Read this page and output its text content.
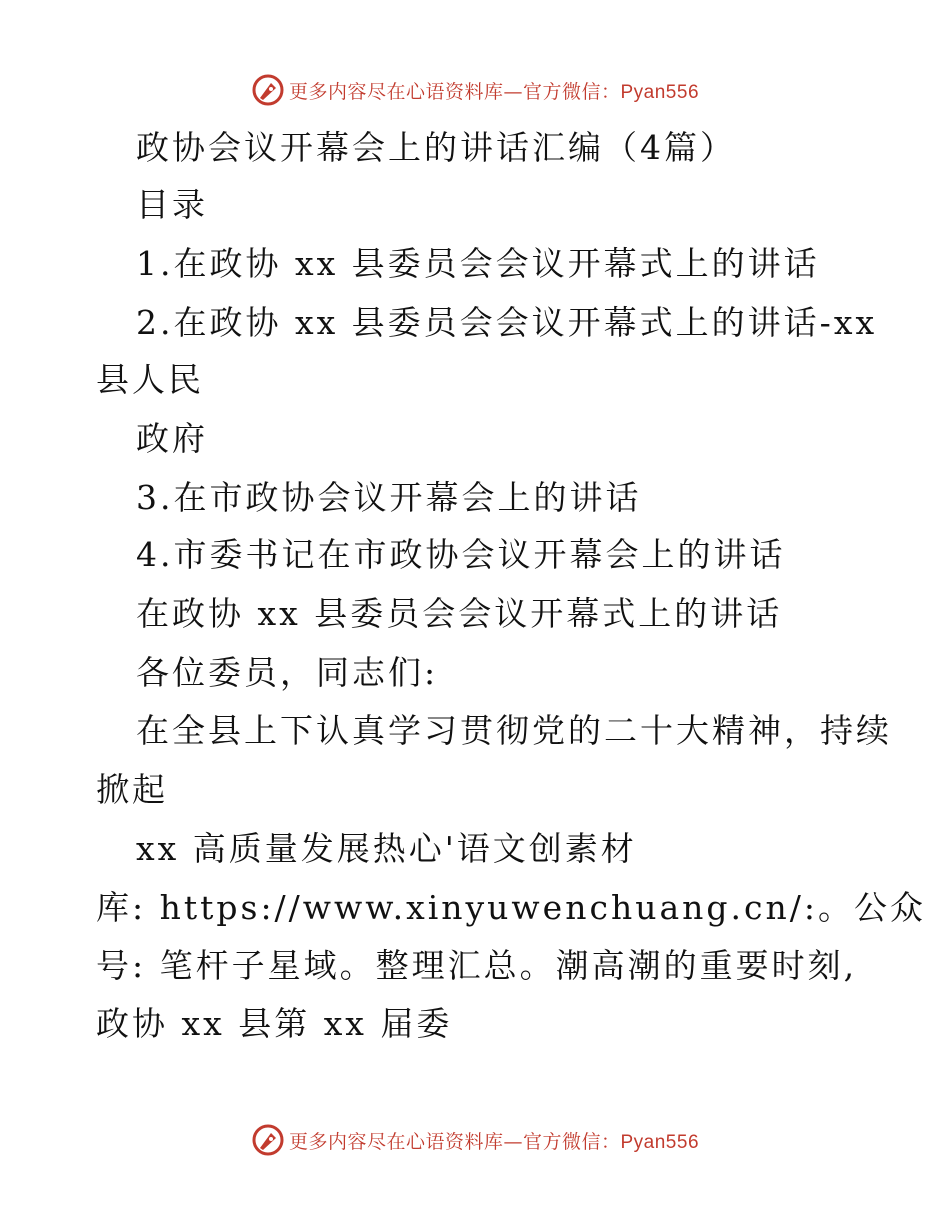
更多内容尽在心语资料库—官方微信：Pyan556
政协会议开幕会上的讲话汇编（4篇）
目录
1.在政协 xx 县委员会会议开幕式上的讲话
2.在政协 xx 县委员会会议开幕式上的讲话-xx
县人民
政府
3.在市政协会议开幕会上的讲话
4.市委书记在市政协会议开幕会上的讲话
在政协 xx 县委员会会议开幕式上的讲话
各位委员，同志们:
在全县上下认真学习贯彻党的二十大精神，持续
掀起
xx 高质量发展热心'语文创素材
库: https://www.xinyuwenchuang.cn/:。公众
号: 笔杆子星域。整理汇总。潮高潮的重要时刻,
政协 xx 县第 xx 届委
更多内容尽在心语资料库—官方微信：Pyan556
